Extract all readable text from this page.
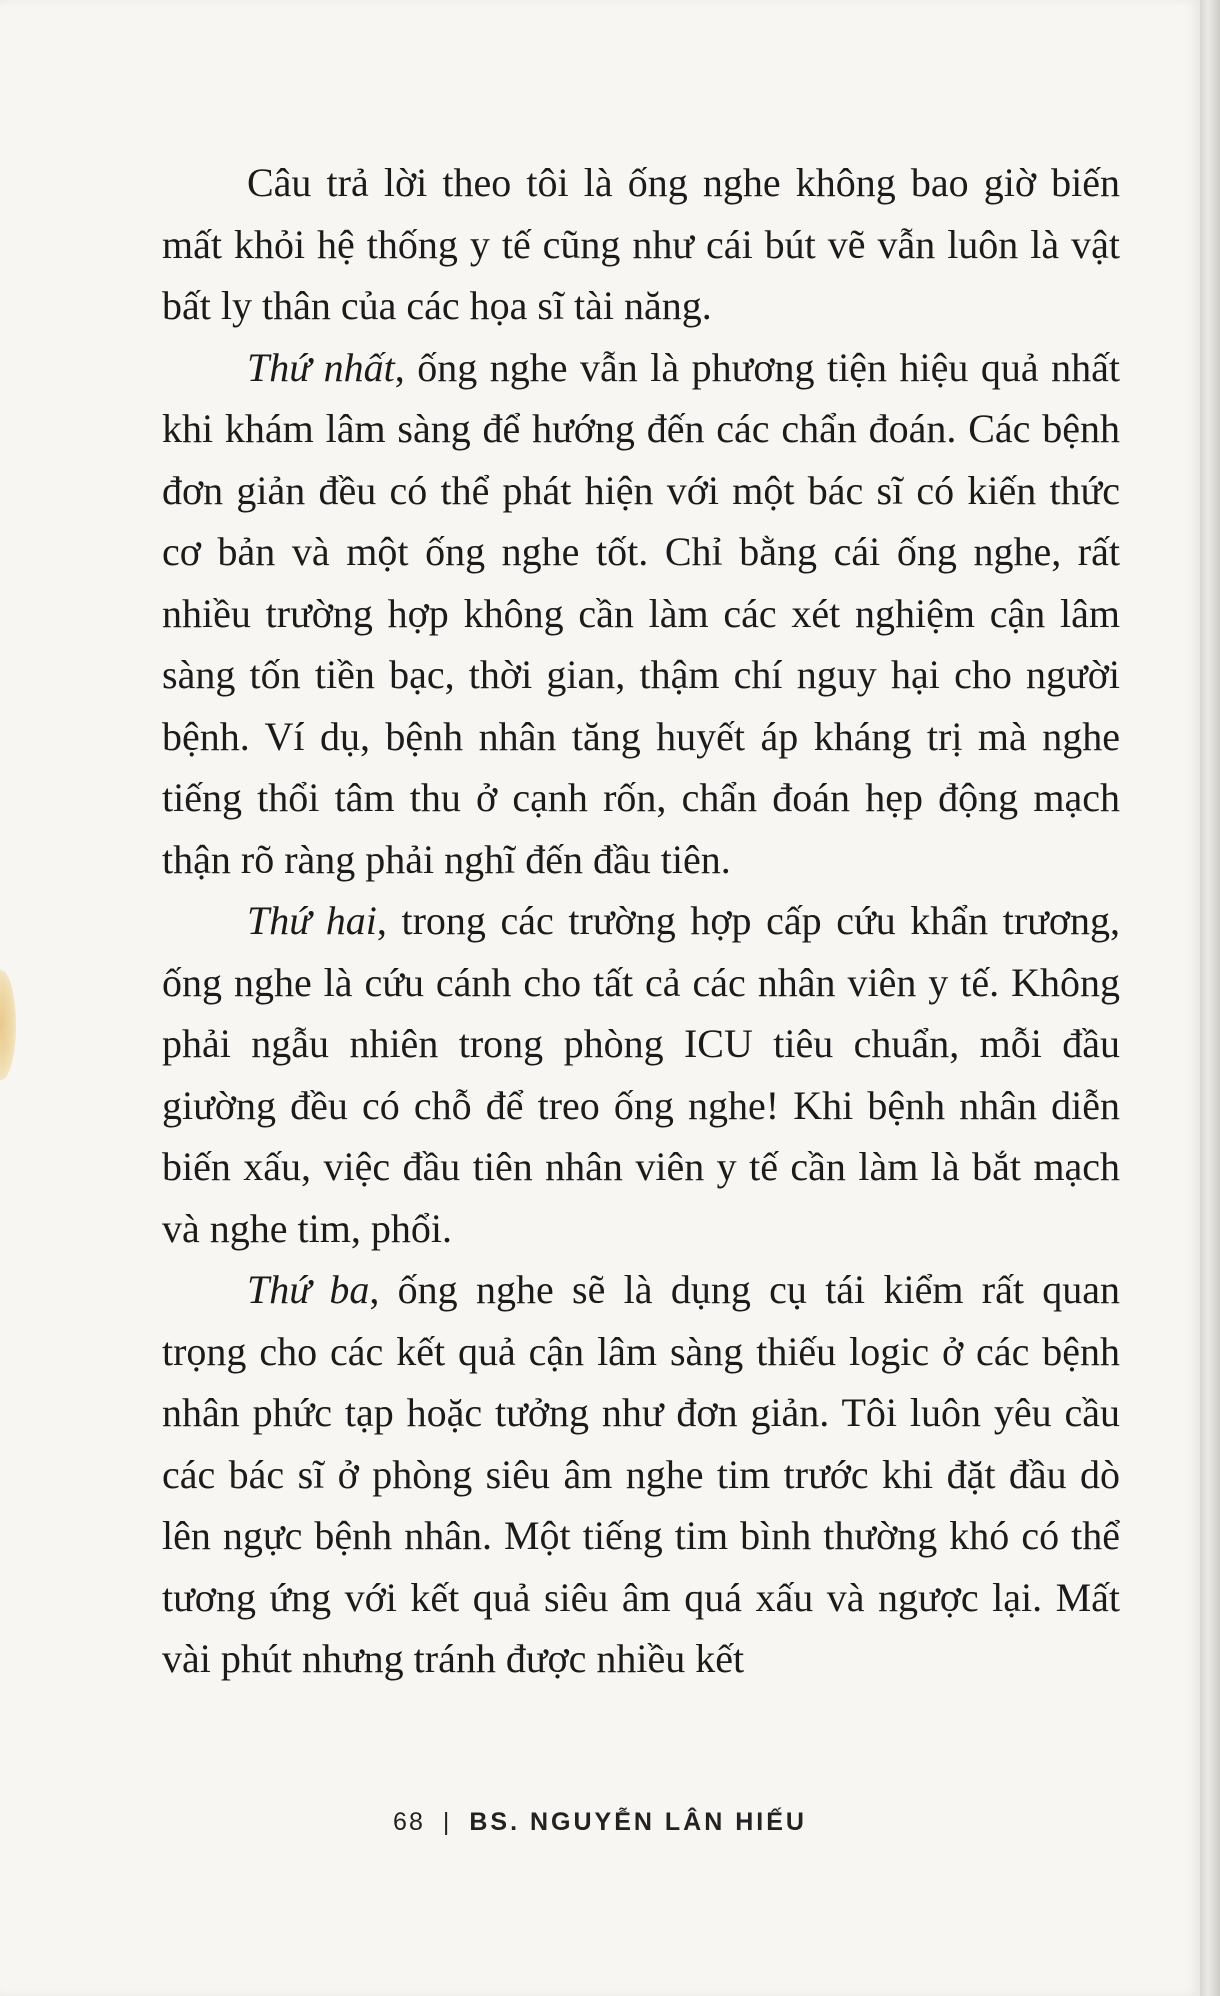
Câu trả lời theo tôi là ống nghe không bao giờ biến mất khỏi hệ thống y tế cũng như cái bút vẽ vẫn luôn là vật bất ly thân của các họa sĩ tài năng.

Thứ nhất, ống nghe vẫn là phương tiện hiệu quả nhất khi khám lâm sàng để hướng đến các chẩn đoán. Các bệnh đơn giản đều có thể phát hiện với một bác sĩ có kiến thức cơ bản và một ống nghe tốt. Chỉ bằng cái ống nghe, rất nhiều trường hợp không cần làm các xét nghiệm cận lâm sàng tốn tiền bạc, thời gian, thậm chí nguy hại cho người bệnh. Ví dụ, bệnh nhân tăng huyết áp kháng trị mà nghe tiếng thổi tâm thu ở cạnh rốn, chẩn đoán hẹp động mạch thận rõ ràng phải nghĩ đến đầu tiên.

Thứ hai, trong các trường hợp cấp cứu khẩn trương, ống nghe là cứu cánh cho tất cả các nhân viên y tế. Không phải ngẫu nhiên trong phòng ICU tiêu chuẩn, mỗi đầu giường đều có chỗ để treo ống nghe! Khi bệnh nhân diễn biến xấu, việc đầu tiên nhân viên y tế cần làm là bắt mạch và nghe tim, phổi.

Thứ ba, ống nghe sẽ là dụng cụ tái kiểm rất quan trọng cho các kết quả cận lâm sàng thiếu logic ở các bệnh nhân phức tạp hoặc tưởng như đơn giản. Tôi luôn yêu cầu các bác sĩ ở phòng siêu âm nghe tim trước khi đặt đầu dò lên ngực bệnh nhân. Một tiếng tim bình thường khó có thể tương ứng với kết quả siêu âm quá xấu và ngược lại. Mất vài phút nhưng tránh được nhiều kết

68 | BS. NGUYỄN LÂN HIẾU
